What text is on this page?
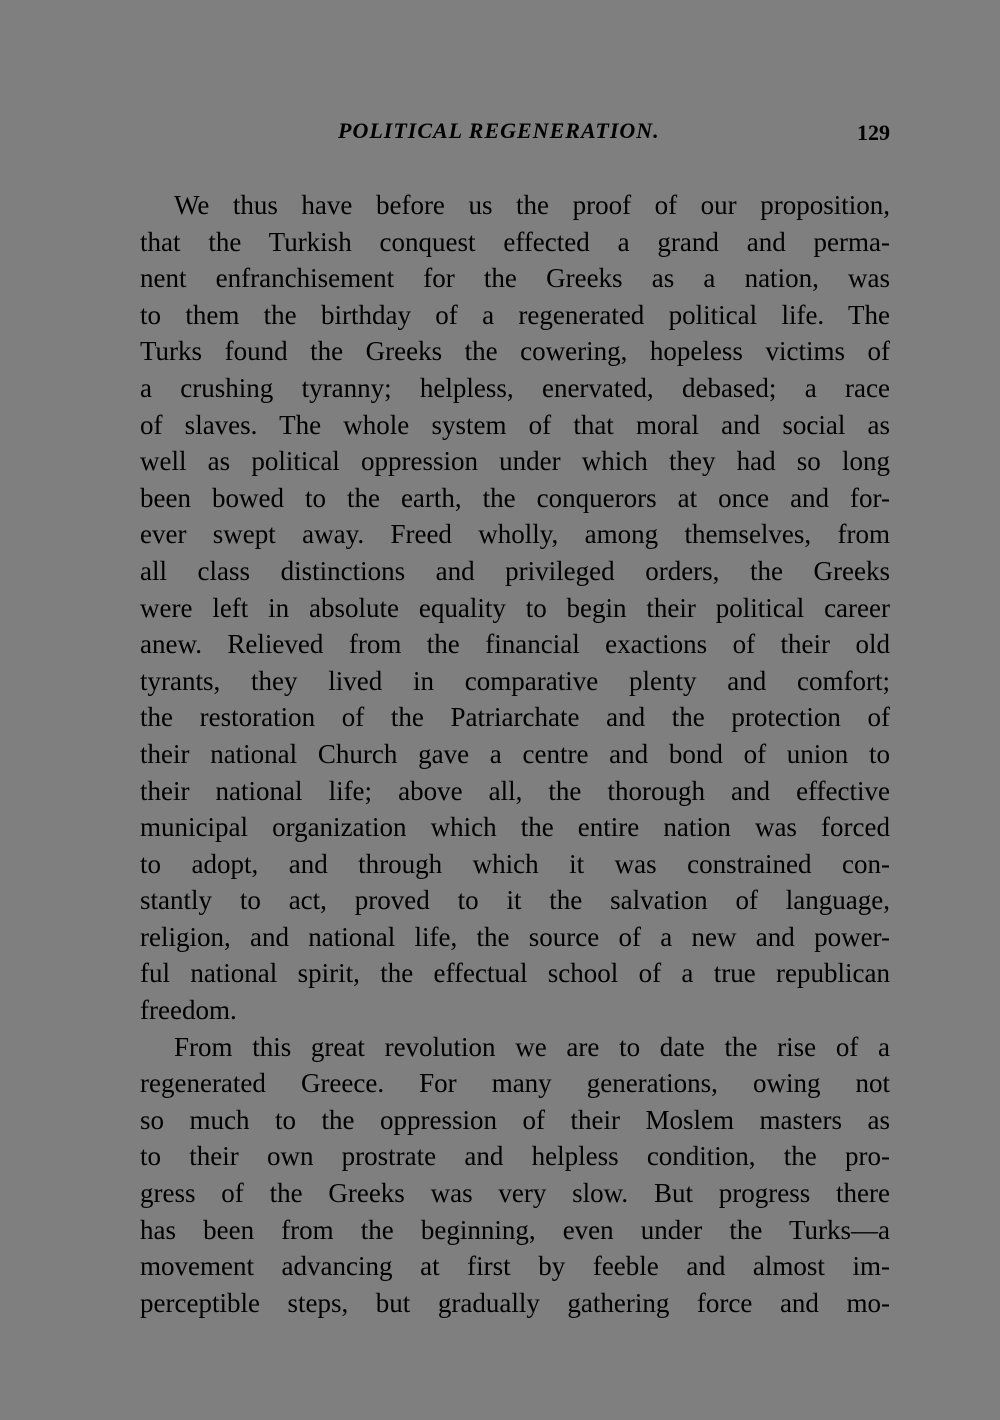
POLITICAL REGENERATION.	129
We thus have before us the proof of our proposition,
that the Turkish conquest effected a grand and perma-
nent enfranchisement for the Greeks as a nation, was
to them the birthday of a regenerated political life. The
Turks found the Greeks the cowering, hopeless victims of
a crushing tyranny; helpless, enervated, debased; a race
of slaves. The whole system of that moral and social as
well as political oppression under which they had so long
been bowed to the earth, the conquerors at once and for-
ever swept away. Freed wholly, among themselves, from
all class distinctions and privileged orders, the Greeks
were left in absolute equality to begin their political career
anew. Relieved from the financial exactions of their old
tyrants, they lived in comparative plenty and comfort;
the restoration of the Patriarchate and the protection of
their national Church gave a centre and bond of union to
their national life; above all, the thorough and effective
municipal organization which the entire nation was forced
to adopt, and through which it was constrained con-
stantly to act, proved to it the salvation of language,
religion, and national life, the source of a new and power-
ful national spirit, the effectual school of a true republican
freedom.
From this great revolution we are to date the rise of a
regenerated Greece. For many generations, owing not
so much to the oppression of their Moslem masters as
to their own prostrate and helpless condition, the pro-
gress of the Greeks was very slow. But progress there
has been from the beginning, even under the Turks—a
movement advancing at first by feeble and almost im-
perceptible steps, but gradually gathering force and mo-
